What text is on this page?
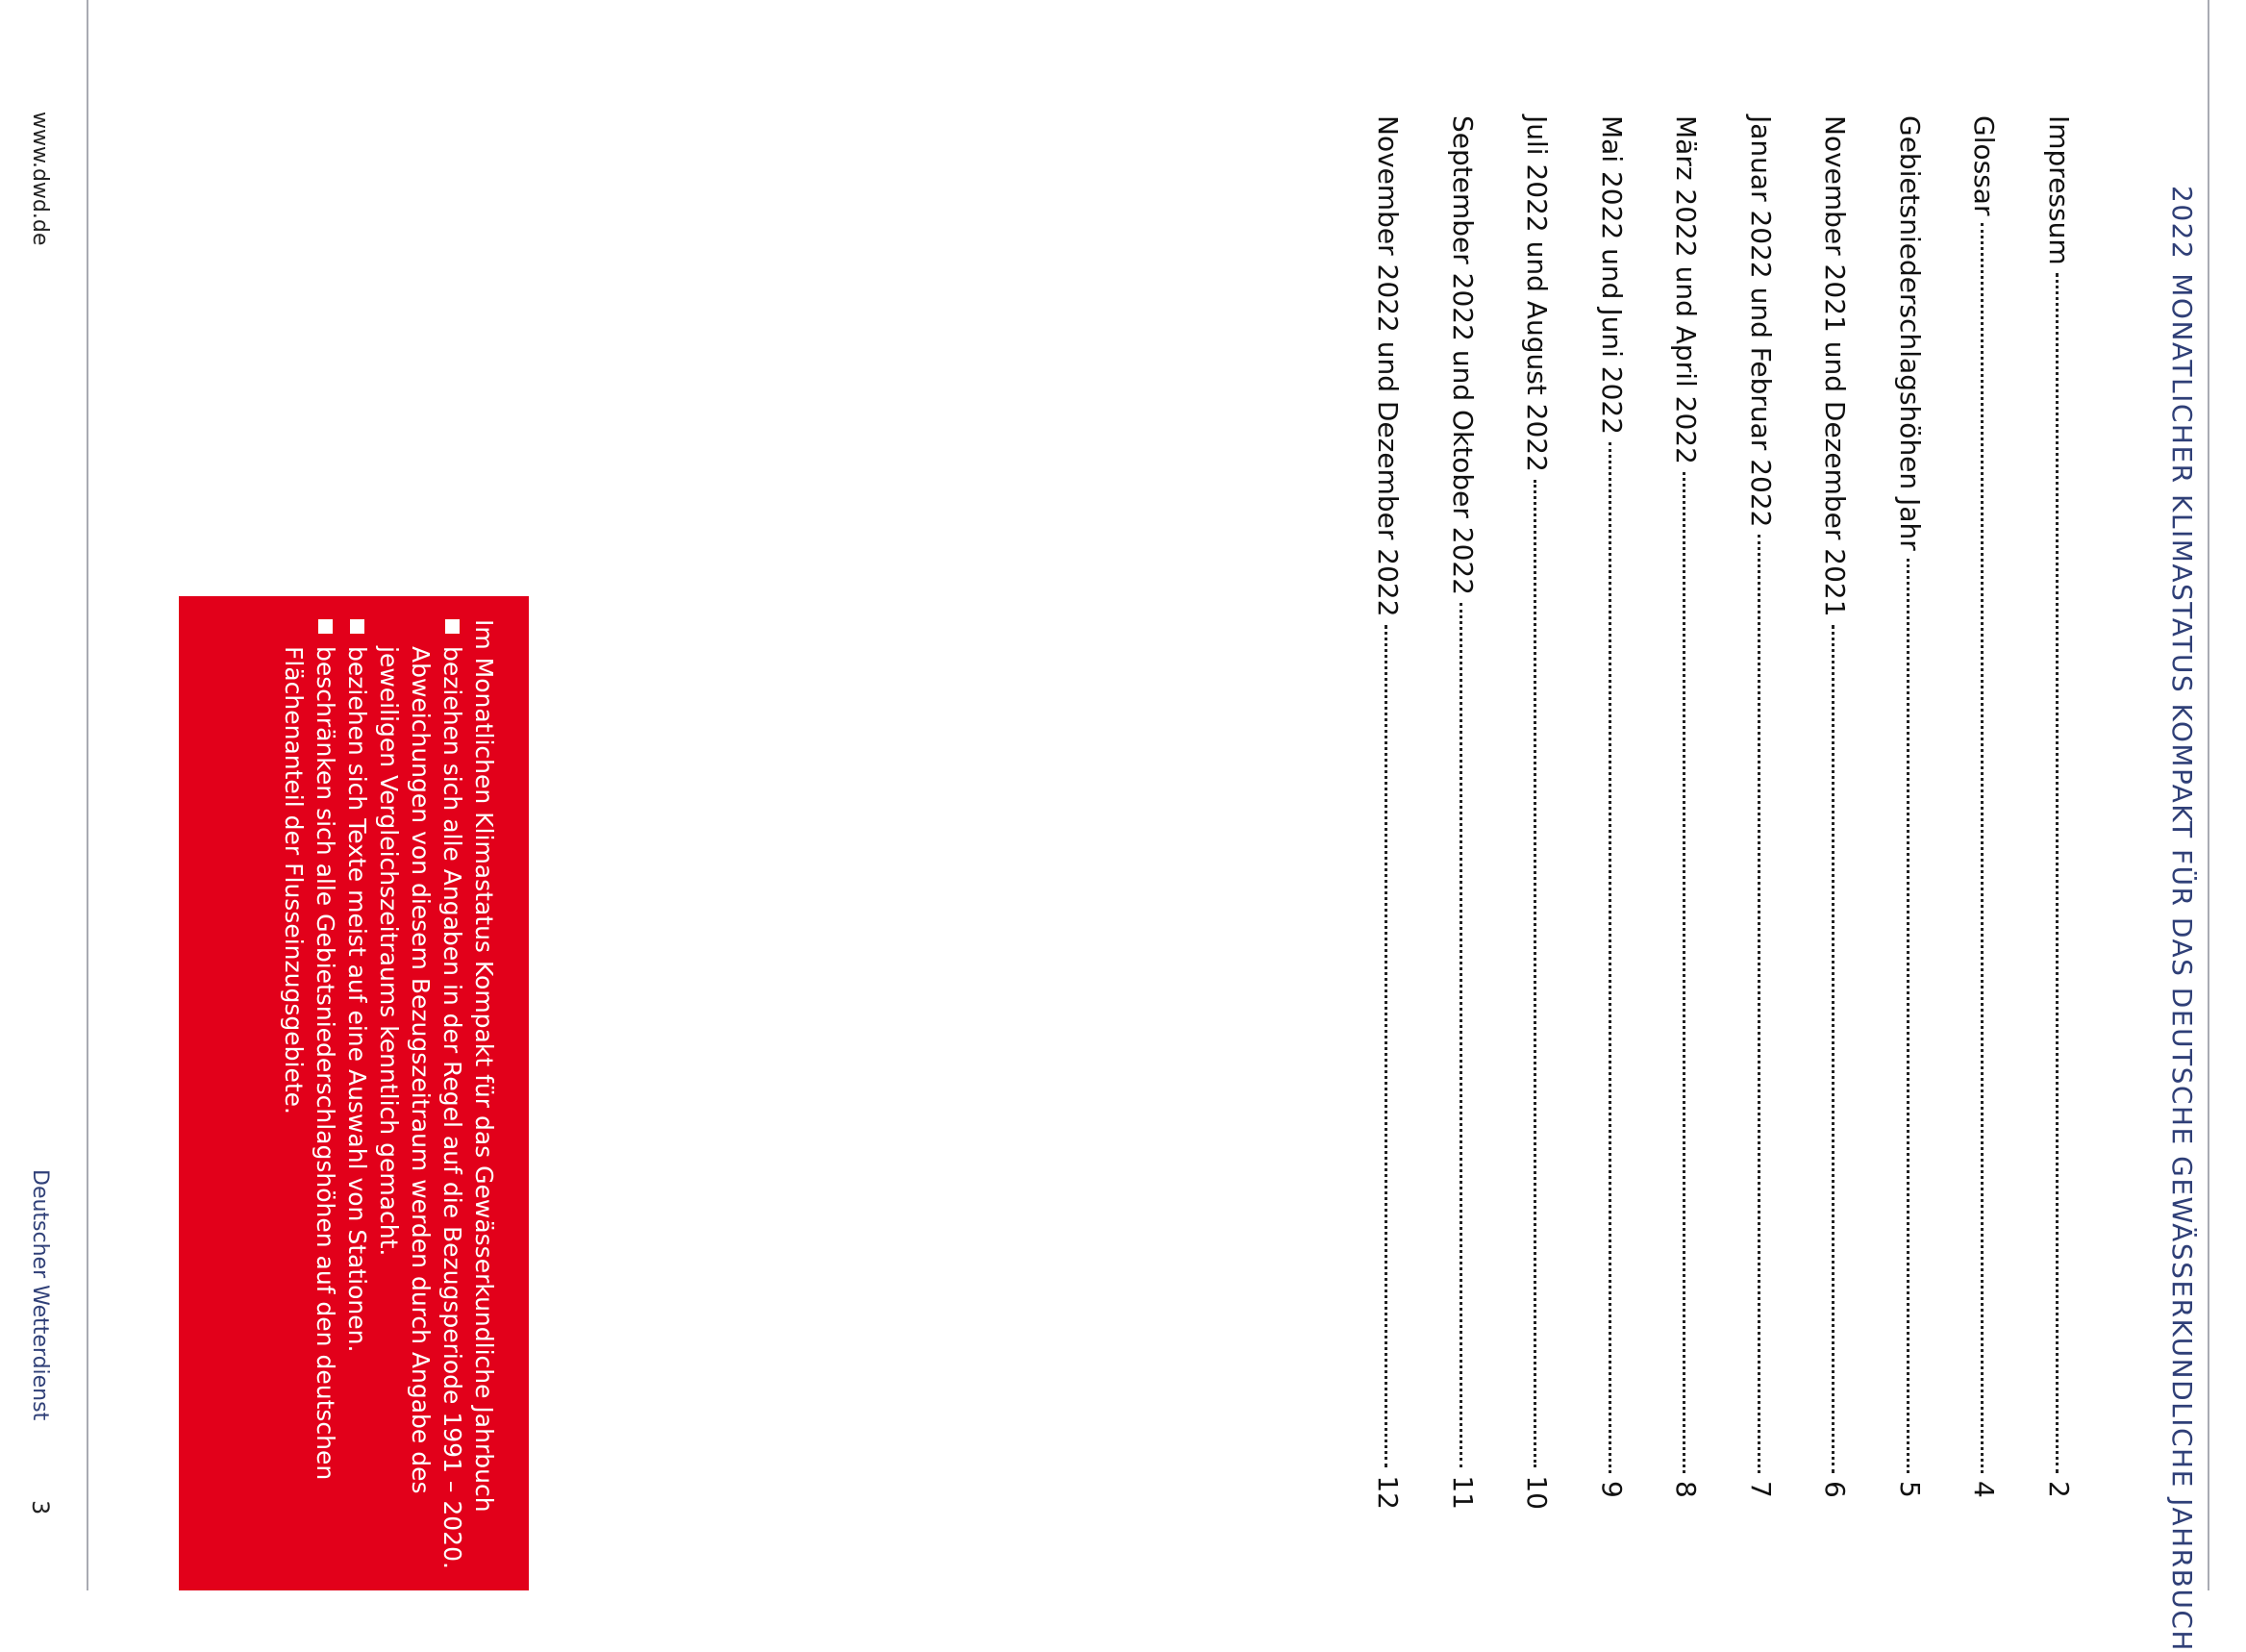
2022MONATLICHER KLIMASTATUS KOMPAKT FÜR DAS DEUTSCHE GEWÄSSERKUNDLICHE JAHRBUCH
Impressum
2
Glossar
4
Gebietsniederschlagshöhen Jahr
5
November 2021 und Dezember 2021
6
Januar 2022 und Februar 2022
7
März 2022 und April 2022
8
Mai 2022 und Juni 2022
9
Juli 2022 und August 2022
10
September 2022 und Oktober 2022
11
November 2022 und Dezember 2022
12

Im Monatlichen Klimastatus Kompakt für das Gewässerkundliche Jahrbuch

beziehen sich alle Angaben in der Regel auf die Bezugsperiode 1991 – 2020. Abweichungen von diesem Bezugszeitraum werden durch Angabe des jeweiligen Vergleichszeitraums kenntlich gemacht.
beziehen sich Texte meist auf eine Auswahl von Stationen.
beschränken sich alle Gebietsniederschlagshöhen auf den deutschen Flächenanteil der Flusseinzugsgebiete.
www.dwd.de
Deutscher Wetterdienst
3
